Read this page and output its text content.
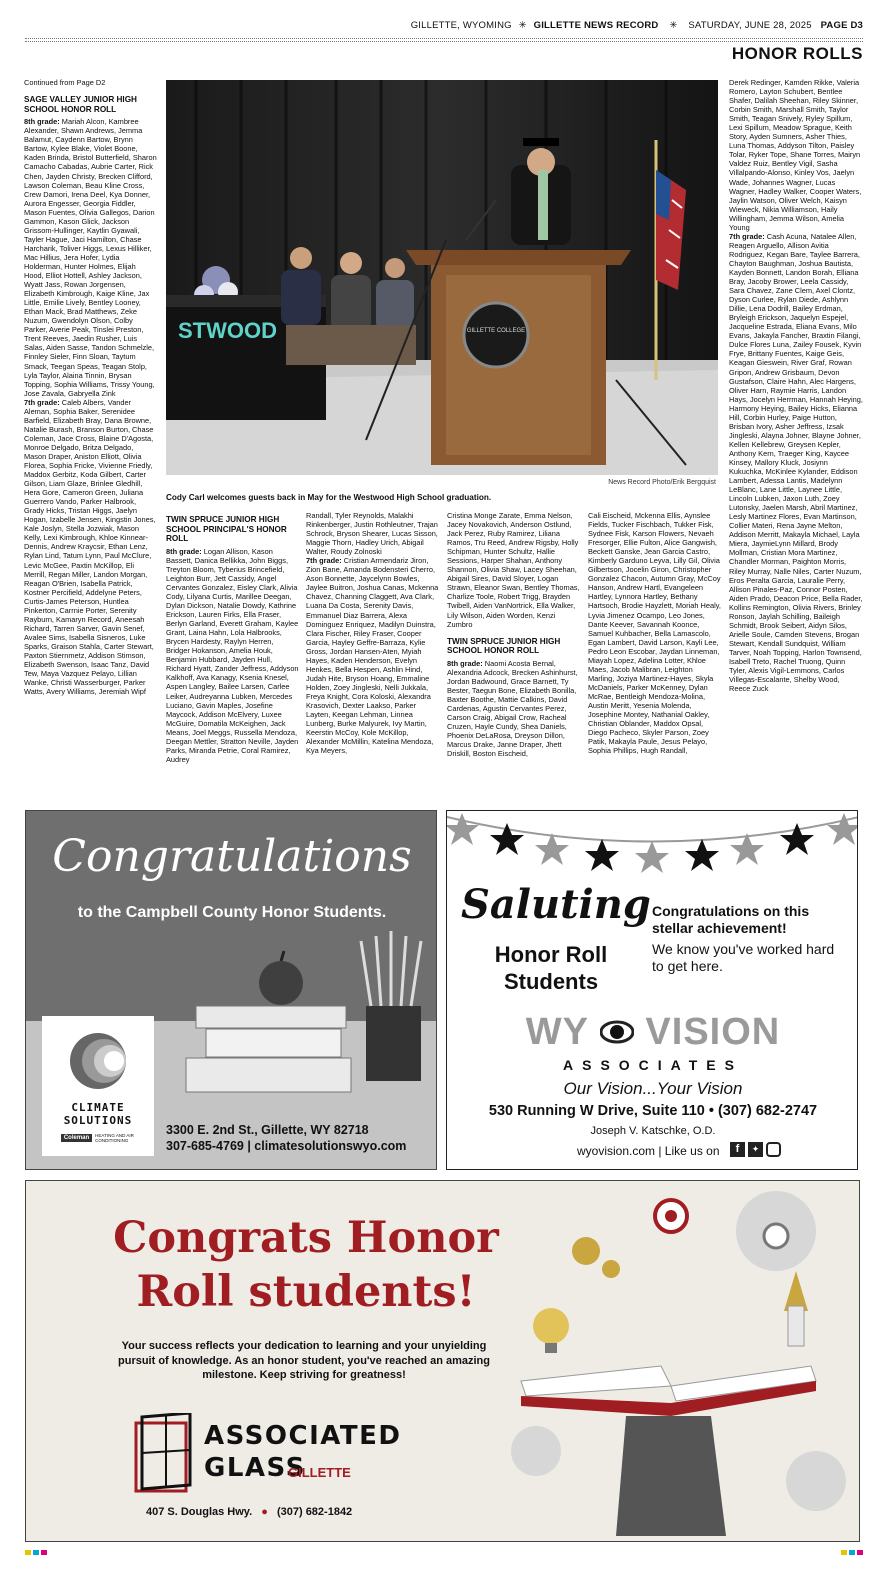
GILLETTE, WYOMING ✳ GILLETTE NEWS RECORD ✳ SATURDAY, JUNE 28, 2025 PAGE D3
HONOR ROLLS

Continued from Page D2

SAGE VALLEY JUNIOR HIGH SCHOOL HONOR ROLL

8th grade: Mariah Alcon, Kambree Alexander, Shawn Andrews, Jemma Balamut, Caydenn Bartow, Brynn Bartow, Kylee Blake, Violet Boone, Kaden Brinda, Bristol Butterfield, Sharon Camacho Cabadas, Aubrie Carter, Rick Chen, Jayden Christy, Brecken Clifford, Lawson Coleman, Beau Kline Cross, Crew Damori, Irena Deel, Kya Donner, Aurora Engesser, Georgia Fiddler, Mason Fuentes, Olivia Gallegos, Darion Gammon, Kason Glick, Jackson Grissom-Hullinger, Kaytlin Gyawali, Tayler Hague, Jaci Hamilton, Chase Harcharik, Toliver Higgs, Lexus Hilliker, Mac Hillius, Jera Hofer, Lydia Holderman, Hunter Holmes, Elijah Hood, Elliot Hottell, Ashley Jackson, Wyatt Jass, Rowan Jorgensen, Elizabeth Kimbrough, Kaige Kline, Jax Little, Emilie Lively, Bentley Looney, Ethan Mack, Brad Matthews, Zeke Nuzum, Gwendolyn Olson, Colby Parker, Averie Peak, Tinslei Preston, Trent Reeves, Jaedin Rusher, Luis Salas, Aiden Sasse, Tandon Schmelzle, Finnley Sieler, Finn Sloan, Taytum Smack, Teegan Speas, Teagan Stolp, Lyla Taylor, Alaina Tinnin, Brysan Topping, Sophia Williams, Trissy Young, Jose Zavala, Gabryella Zink

7th grade: Caleb Albers, Vander Aleman, Sophia Baker, Serenidee Barfield, Elizabeth Bray, Dana Browne, Natalie Burash, Branson Burton, Chase Coleman, Jace Cross, Blaine D'Agosta, Monroe Delgado, Britza Delgado, Mason Draper, Aniston Elliott, Olivia Florea, Sophia Fricke, Vivienne Friedly, Maddox Gerbitz, Koda Gilbert, Carter Gilson, Liam Glaze, Brinlee Gledhill, Hera Gore, Cameron Green, Juliana Guerrero Vando, Parker Halbrook, Grady Hicks, Tristan Higgs, Jaelyn Hogan, Izabelle Jensen, Kingstin Jones, Kale Joslyn, Stella Jozwiak, Mason Kelly, Lexi Kimbrough, Khloe Kinnear-Dennis, Andrew Kraycsir, Ethan Lenz, Rylan Lind, Tatum Lynn, Paul McClure, Levic McGee, Paxtin McKillop, Eli Merrill, Regan Miller, Landon Morgan, Reagan O'Brien, Isabella Patrick, Kostner Percifield, Addelyne Peters, Curtis-James Peterson, Huntlea Pinkerton, Carrnie Porter, Serenity Rayburn, Kamaryn Record, Aneesah Richard, Tarren Sarver, Gavin Senef, Avalee Sims, Isabella Sisneros, Luke Sparks, Graison Stahla, Carter Stewart, Paxton Stiernmetz, Addison Stimson, Elizabeth Swenson, Isaac Tanz, David Tew, Maya Vazquez Pelayo, Lillian Wanke, Christi Wasserburger, Parker Watts, Avery Williams, Jeremiah Wipf

STWOOD	GILLETTE COLLEGE
News Record Photo/Erik Bergquist
Cody Carl welcomes guests back in May for the Westwood High School graduation.
TWIN SPRUCE JUNIOR HIGH SCHOOL PRINCIPAL'S HONOR ROLL

8th grade: Logan Allison, Kason Bassett, Danica Bellikka, John Biggs, Treyton Bloom, Tyberius Brincefield, Leighton Burr, Jett Cassidy, Angel Cervantes Gonzalez, Eisley Clark, Alivia Cody, Lilyana Curtis, Marillee Deegan, Dylan Dickson, Natalie Dowdy, Kathrine Erickson, Lauren Firks, Ella Fraser, Berlyn Garland, Everett Graham, Kaylee Grant, Laina Hahn, Lola Halbrooks, Brycen Hardesty, Raylyn Herren, Bridger Hokanson, Amelia Houk, Benjamin Hubbard, Jayden Hull, Richard Hyatt, Zander Jeffress, Addyson Kalkhoff, Ava Kanagy, Ksenia Knesel, Aspen Langley, Bailee Larsen, Carlee Leiker, Audreyanna Lubken, Mercedes Luciano, Gavin Maples, Josefine Maycock, Addison McElvery, Luxee McGuire, Domatila McKeighen, Jack Means, Joel Meggs, Russella Mendoza, Deegan Mettler, Stratton Neville, Jayden Parks, Miranda Petrie, Coral Ramirez, Audrey

Randall, Tyler Reynolds, Malakhi Rinkenberger, Justin Rothleutner, Trajan Schrock, Bryson Shearer, Lucas Sisson, Maggie Thorn, Hadley Urich, Abigail Walter, Roudy Zolnoski

7th grade: Cristian Armendariz Jiron, Zion Bane, Amanda Bodensteri Cherro, Ason Bonnette, Jaycelynn Bowles, Jaylee Buitron, Joshua Canas, Mckenna Chavez, Channing Claggett, Ava Clark, Luana Da Costa, Serenity Davis, Emmanuel Diaz Barrera, Alexa Dominguez Enriquez, Madilyn Duinstra, Clara Fischer, Riley Fraser, Cooper Garcia, Hayley Geffre-Barraza, Kylie Gross, Jordan Hansen-Aten, Myiah Hayes, Kaden Henderson, Evelyn Henkes, Bella Hespen, Ashlin Hind, Judah Hite, Bryson Hoang, Emmaline Holden, Zoey Jingleski, Nelli Jukkala, Freya Knight, Cora Koloski, Alexandra Krasovich, Dexter Laakso, Parker Layten, Keegan Lehman, Linnea Lunberg, Burke Malyurek, Ivy Martin, Keerstin McCoy, Kole McKillop, Alexander McMillin, Katelina Mendoza, Kya Meyers,

Cristina Monge Zarate, Emma Nelson, Jacey Novakovich, Anderson Ostlund, Jack Perez, Ruby Ramirez, Liliana Ramos, Tru Reed, Andrew Rigsby, Holly Schipman, Hunter Schultz, Hallie Sessions, Harper Shahan, Anthony Shannon, Olivia Shaw, Lacey Sheehan, Abigail Sires, David Sloyer, Logan Strawn, Eleanor Swan, Bentley Thomas, Charlize Toole, Robert Trigg, Brayden Twibell, Aiden VanNortrick, Ella Walker, Lily Wilson, Aiden Worden, Kenzi Zumbro

TWIN SPRUCE JUNIOR HIGH SCHOOL HONOR ROLL

8th grade: Naomi Acosta Bernal, Alexandria Adcock, Brecken Ashinhurst, Jordan Badwound, Grace Barnett, Ty Bester, Taegun Bone, Elizabeth Bonilla, Baxter Boothe, Mattie Calkins, David Cardenas, Agustin Cervantes Perez, Carson Craig, Abigail Crow, Racheal Cruzen, Hayle Cundy, Shea Daniels, Phoenix DeLaRosa, Dreyson Dillon, Marcus Drake, Janne Draper, Jhett Driskill, Boston Eischeid,

Cali Eischeid, Mckenna Ellis, Aynslee Fields, Tucker Fischbach, Tukker Fisk, Sydnee Fisk, Karson Flowers, Nevaeh Fresorger, Ellie Fulton, Alice Gangwish, Beckett Ganske, Jean Garcia Castro, Kimberly Garduno Leyva, Lilly Gil, Olivia Gilbertson, Jocelin Giron, Christopher Gonzalez Chacon, Autumn Gray, McCoy Hanson, Andrew Hartl, Evangeleen Hartley, Lynnora Hartley, Bethany Hartsoch, Brodie Hayzlett, Moriah Healy, Lyvia Jimenez Ocampo, Leo Jones, Dante Keever, Savannah Koonce, Samuel Kuhbacher, Bella Lamascolo, Egan Lambert, David Larson, Kayli Lee, Pedro Leon Escobar, Jaydan Linneman, Miayah Lopez, Adelina Lotter, Khloe Maes, Jacob Malibran, Leighton Marling, Joziya Martinez-Hayes, Skyla McDaniels, Parker McKenney, Dylan McRae, Bentleigh Mendoza-Molina, Austin Meritt, Yesenia Molenda, Josephine Montey, Nathanial Oakley, Christian Oblander, Maddox Opsal, Diego Pacheco, Skyler Parson, Zoey Patik, Makayla Paule, Jesus Pelayo, Sophia Phillips, Hugh Randall,

Derek Redinger, Kamden Rikke, Valeria Romero, Layton Schubert, Bentlee Shafer, Dalilah Sheehan, Riley Skinner, Corbin Smith, Marshall Smith, Taylor Smith, Teagan Snively, Ryley Spillum, Lexi Spillum, Meadow Sprague, Keith Story, Ayden Sumners, Asher Thies, Luna Thomas, Addyson Tilton, Paisley Tolar, Ryker Tope, Shane Torres, Mairyn Valdez Ruiz, Bentley Vigil, Sasha Villalpando-Alonso, Kinley Vos, Jaelyn Wade, Johannes Wagner, Lucas Wagner, Hadley Walker, Cooper Waters, Jaylin Watson, Oliver Welch, Kaisyn Wieweck, Nikia Williamson, Haily Willingham, Jemma Wilson, Amelia Young

7th grade: Cash Acuna, Natalee Allen, Reagen Arguello, Allison Avitia Rodriguez, Kegan Bare, Taylee Barrera, Chayton Baughman, Joshua Bautista, Kayden Bonnett, Landon Borah, Elliana Bray, Jacoby Brower, Leela Cassidy, Sara Chavez, Zane Clem, Axel Clontz, Dyson Curlee, Rylan Diede, Ashlynn Dillie, Lena Dodrill, Bailey Erdman, Bryleigh Erickson, Jaquelyn Espejel, Jacqueline Estrada, Eliana Evans, Milo Evans, Jakayla Fancher, Braxtin Filangi, Dulce Flores Luna, Zailey Fousek, Kyvin Frye, Brittany Fuentes, Kaige Geis, Keagan Gieswein, River Graf, Rowan Gripon, Andrew Grisbaum, Devon Gustafson, Claire Hahn, Alec Hargens, Oliver Harn, Raymie Harris, Landon Hays, Jocelyn Herrman, Hannah Heying, Harmony Heying, Bailey Hicks, Elianna Hill, Corbin Hurley, Paige Hutton, Brisban Ivory, Asher Jeffress, Izsak Jingleski, Alayna Johner, Blayne Johner, Kellen Kellebrew, Greysen Kepler, Anthony Kern, Traeger King, Kaycee Kinsey, Mallory Kluck, Josiynn Kukuchka, McKinlee Kylander, Eddison Lambert, Adessa Lantis, Madelynn LeBlanc, Lane Little, Laynee Little, Lincoln Lubken, Jaxon Luth, Zoey Lutonsky, Jaelen Marsh, Abril Martinez, Lesly Martinez Flores, Evan Martinson, Collier Materi, Rena Jayne Melton, Addison Merritt, Makayla Michael, Layla Miera, JaymieLynn Millard, Brody Mollman, Cristian Mora Martinez, Chandler Morman, Paighton Morris, Riley Murray, Nalle Niles, Carter Nuzum, Eros Peralta Garcia, Lauralie Perry, Allison Pinales-Paz, Connor Posten, Aiden Prado, Deacon Price, Bella Rader, Kollins Remington, Olivia Rivers, Brinley Ronson, Jaylah Schilling, Baileigh Schmidt, Brook Seibert, Aidyn Silos, Arielle Soule, Camden Stevens, Brogan Stewart, Kendall Sundquist, William Tarver, Noah Topping, Harlon Townsend, Isabell Treto, Rachel Truong, Quinn Tyler, Alexis Vigil-Lemmons, Carlos Villegas-Escalante, Shelby Wood, Reece Zuck

Congratulations
to the Campbell County Honor Students.
CLIMATE
SOLUTIONS
Coleman	HEATING AND AIR CONDITIONING
3300 E. 2nd St., Gillette, WY 82718
307-685-4769 | climatesolutionswyo.com
Saluting
Honor Roll
Students
Congratulations on this stellar achievement!
We know you've worked hard to get here.
WY VISION
ASSOCIATES
Our Vision...Your Vision
530 Running W Drive, Suite 110 • (307) 682-2747
Joseph V. Katschke, O.D.
wyovision.com | Like us on	f	✦
Congrats Honor
Roll students!
Your success reflects your dedication to learning and your unyielding pursuit of knowledge. As an honor student, you've reached an amazing milestone. Keep striving for greatness!
ASSOCIATED
GLASS
GILLETTE
407 S. Douglas Hwy. ● (307) 682-1842
